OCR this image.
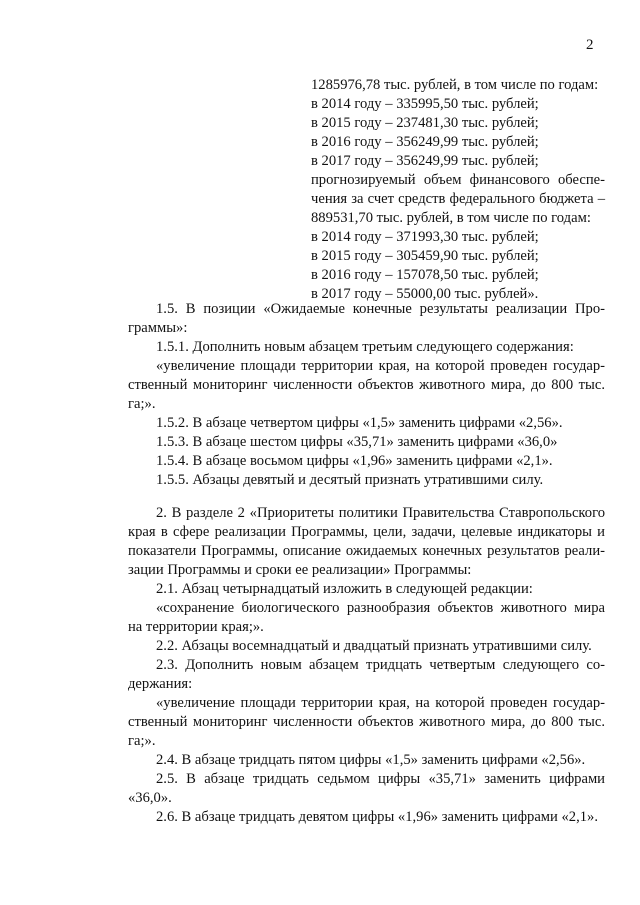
2
1285976,78 тыс. рублей, в том числе по годам:
в 2014 году – 335995,50 тыс. рублей;
в 2015 году – 237481,30 тыс. рублей;
в 2016 году – 356249,99 тыс. рублей;
в 2017 году – 356249,99 тыс. рублей;
прогнозируемый объем финансового обеспе-
чения за счет средств федерального бюджета –
889531,70 тыс. рублей, в том числе по годам:
в 2014 году – 371993,30 тыс. рублей;
в 2015 году – 305459,90 тыс. рублей;
в 2016 году – 157078,50 тыс. рублей;
в 2017 году – 55000,00 тыс. рублей».
1.5. В позиции «Ожидаемые конечные результаты реализации Про-
граммы»:
1.5.1. Дополнить новым абзацем третьим следующего содержания:
«увеличение площади территории края, на которой проведен государ-
ственный мониторинг численности объектов животного мира, до 800 тыс.
га;».
1.5.2. В абзаце четвертом цифры «1,5» заменить цифрами «2,56».
1.5.3. В абзаце шестом цифры «35,71» заменить цифрами «36,0»
1.5.4. В абзаце восьмом цифры «1,96» заменить цифрами «2,1».
1.5.5. Абзацы девятый и десятый признать утратившими силу.
2. В разделе 2 «Приоритеты политики Правительства Ставропольского
края в сфере реализации Программы, цели, задачи, целевые индикаторы и
показатели Программы, описание ожидаемых конечных результатов реали-
зации Программы и сроки ее реализации» Программы:
2.1. Абзац четырнадцатый изложить в следующей редакции:
«сохранение биологического разнообразия объектов животного мира
на территории края;».
2.2. Абзацы восемнадцатый и двадцатый признать утратившими силу.
2.3. Дополнить новым абзацем тридцать четвертым следующего со-
держания:
«увеличение площади территории края, на которой проведен государ-
ственный мониторинг численности объектов животного мира, до 800 тыс.
га;».
2.4. В абзаце тридцать пятом цифры «1,5» заменить цифрами «2,56».
2.5. В абзаце тридцать седьмом цифры «35,71» заменить цифрами
«36,0».
2.6. В абзаце тридцать девятом цифры «1,96» заменить цифрами «2,1».
